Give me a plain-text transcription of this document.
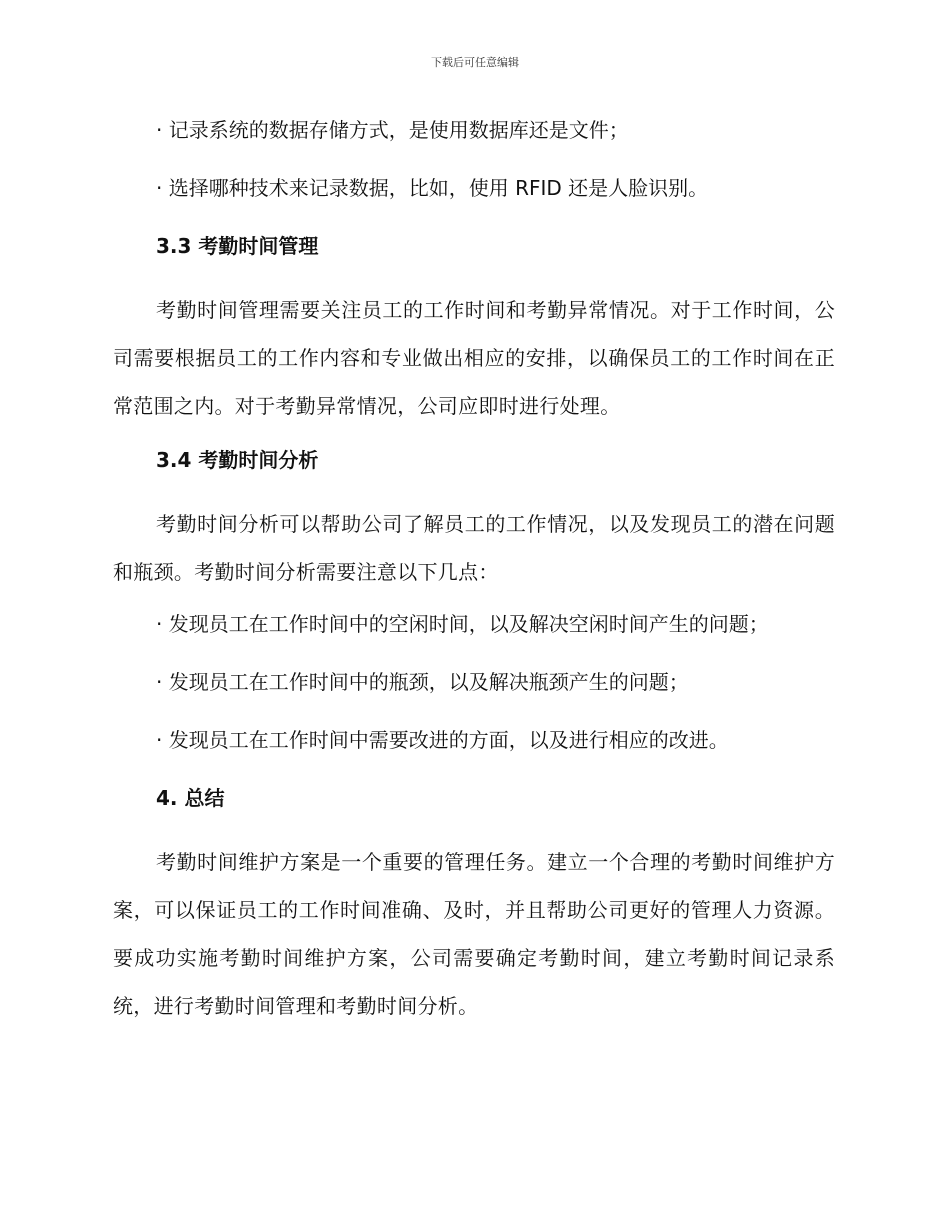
下载后可任意编辑

· 记录系统的数据存储方式，是使用数据库还是文件；

· 选择哪种技术来记录数据，比如，使用 RFID 还是人脸识别。

3.3 考勤时间管理

考勤时间管理需要关注员工的工作时间和考勤异常情况。对于工作时间，公司需要根据员工的工作内容和专业做出相应的安排，以确保员工的工作时间在正常范围之内。对于考勤异常情况，公司应即时进行处理。

3.4 考勤时间分析

考勤时间分析可以帮助公司了解员工的工作情况，以及发现员工的潜在问题和瓶颈。考勤时间分析需要注意以下几点：

· 发现员工在工作时间中的空闲时间，以及解决空闲时间产生的问题；

· 发现员工在工作时间中的瓶颈，以及解决瓶颈产生的问题；

· 发现员工在工作时间中需要改进的方面，以及进行相应的改进。

4. 总结

考勤时间维护方案是一个重要的管理任务。建立一个合理的考勤时间维护方案，可以保证员工的工作时间准确、及时，并且帮助公司更好的管理人力资源。要成功实施考勤时间维护方案，公司需要确定考勤时间，建立考勤时间记录系统，进行考勤时间管理和考勤时间分析。
